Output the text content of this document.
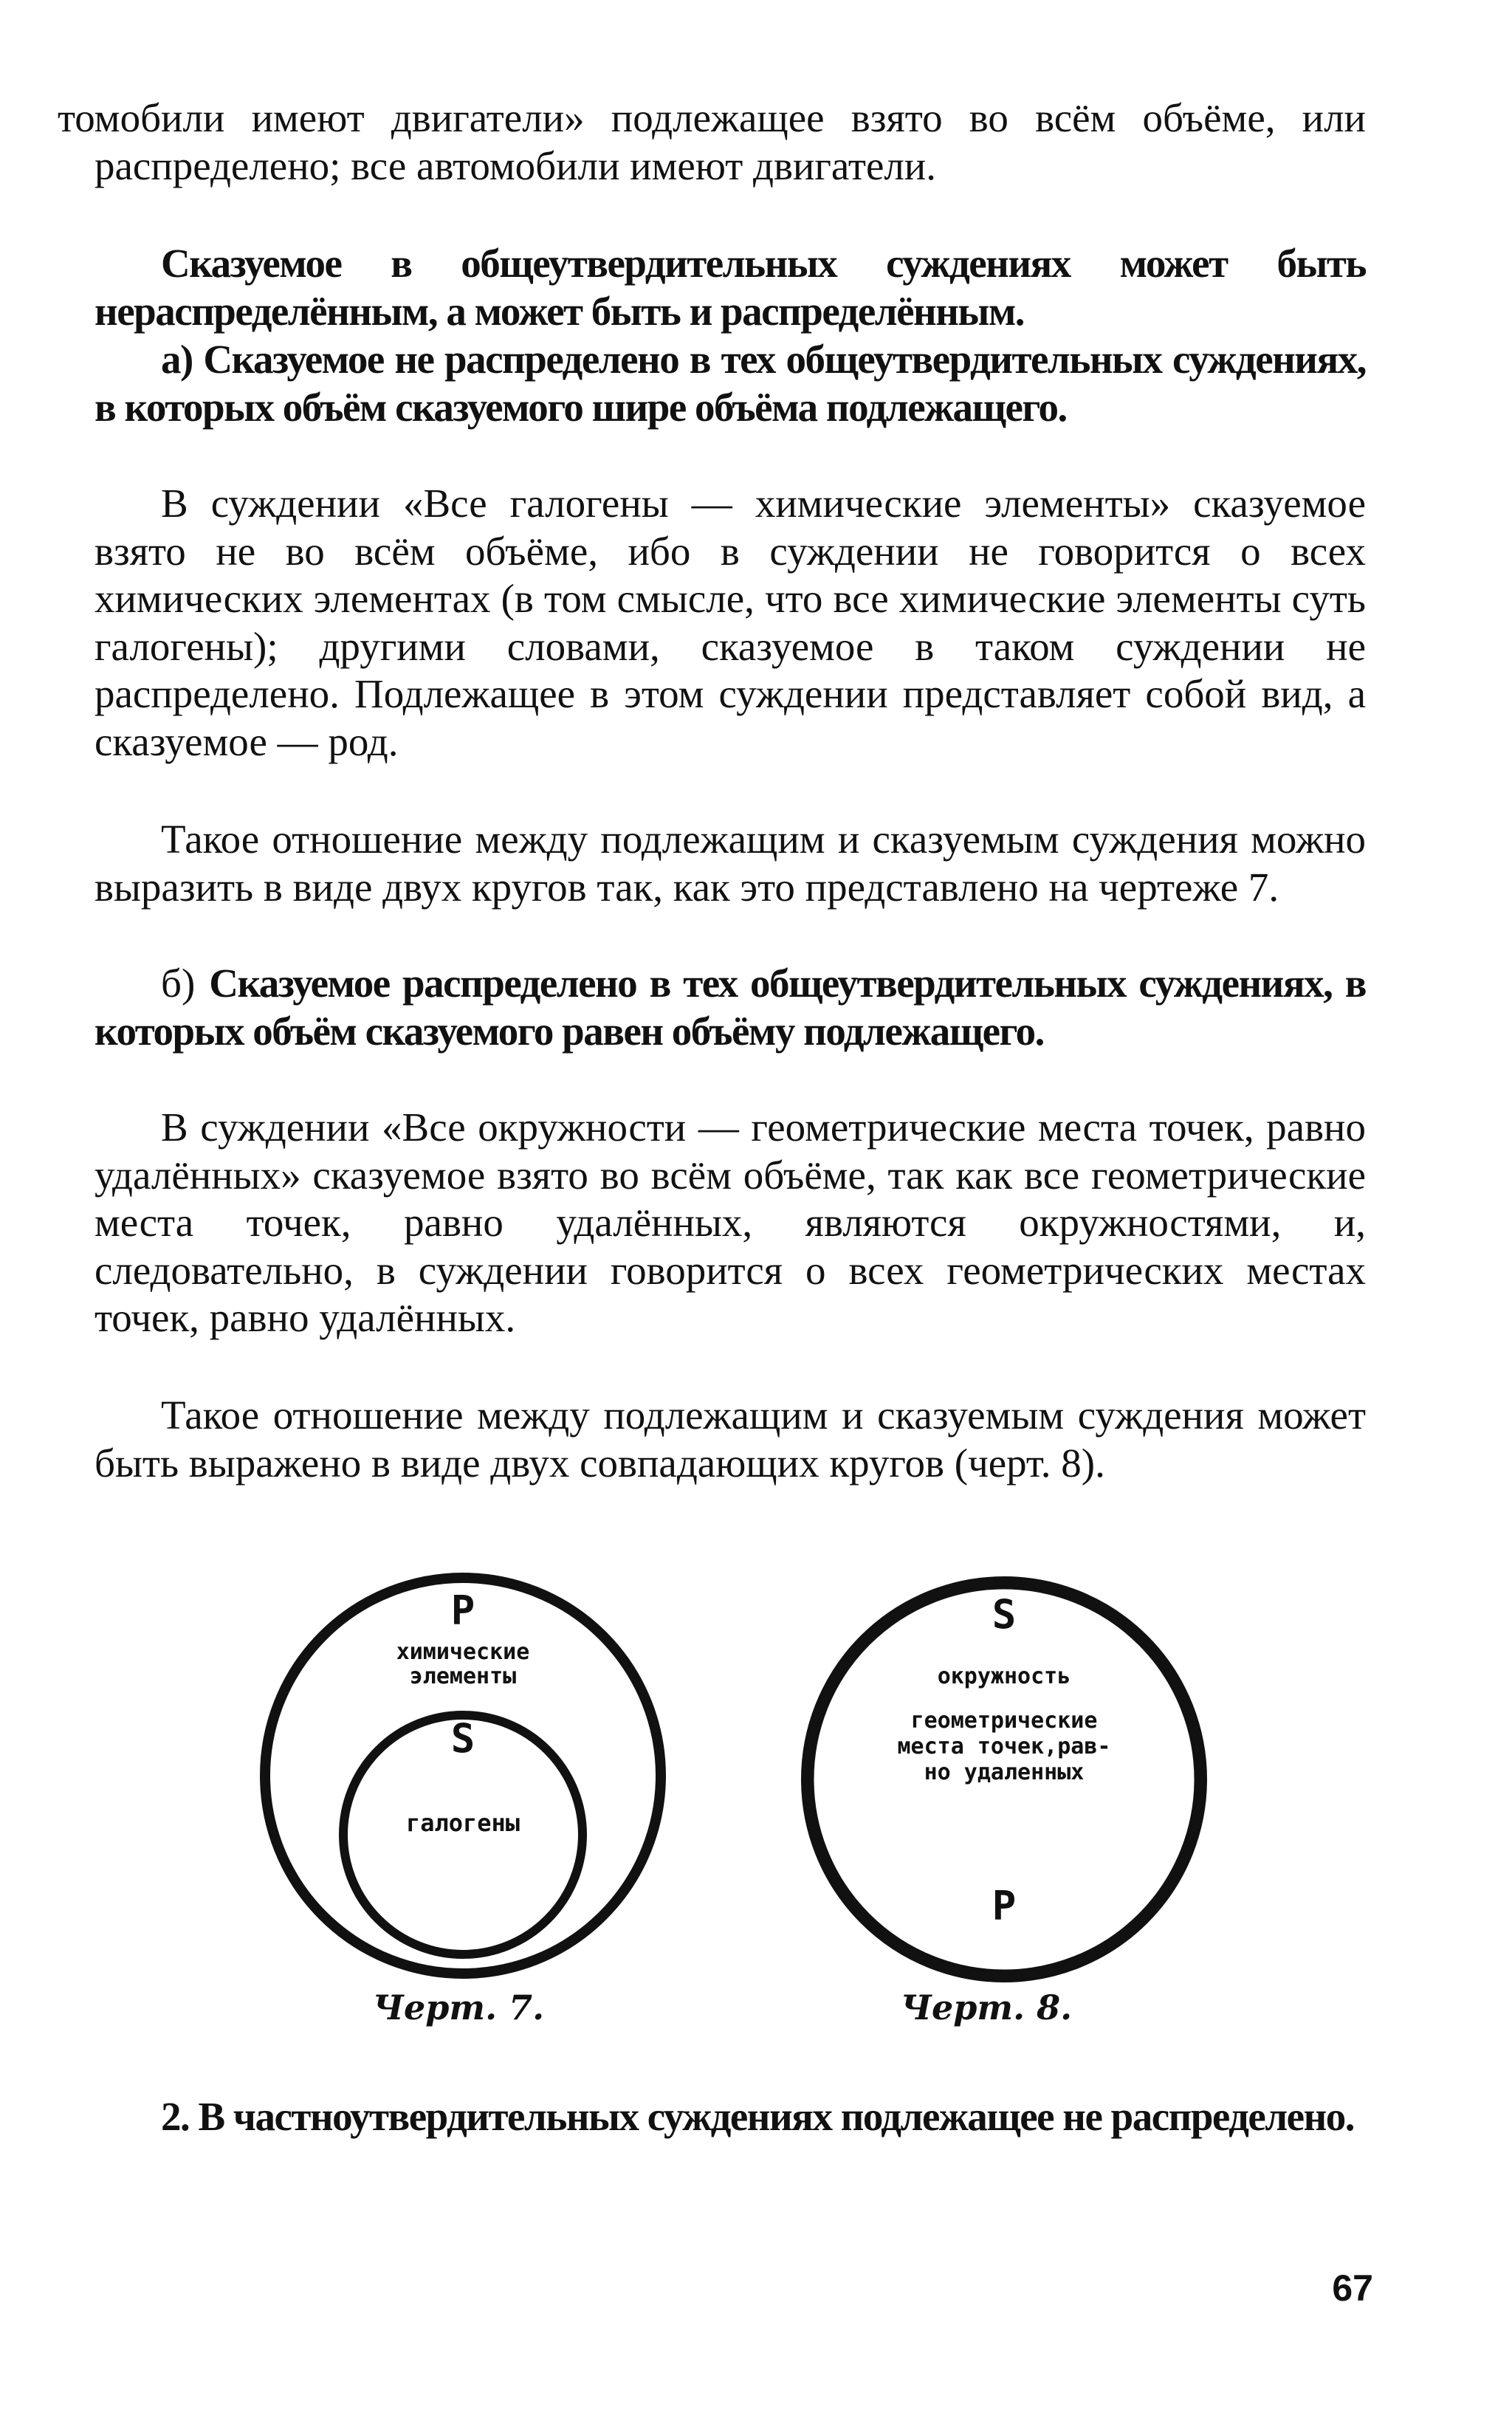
томобили имеют двигатели» подлежащее взято во всём объёме, или распределено; все автомобили имеют двигатели.

Сказуемое в общеутвердительных суждениях может быть нераспределённым, а может быть и распределённым.

а) Сказуемое не распределено в тех общеутвердительных суждениях, в которых объём сказуемого шире объёма подлежащего.

В суждении «Все галогены — химические элементы» сказуемое взято не во всём объёме, ибо в суждении не говорится о всех химических элементах (в том смысле, что все химические элементы суть галогены); другими словами, сказуемое в таком суждении не распределено. Подлежащее в этом суждении представляет собой вид, а сказуемое — род.

Такое отношение между подлежащим и сказуемым суждения можно выразить в виде двух кругов так, как это представлено на чертеже 7.

б) Сказуемое распределено в тех общеутвердительных суждениях, в которых объём сказуемого равен объёму подлежащего.

В суждении «Все окружности — геометрические места точек, равно удалённых» сказуемое взято во всём объёме, так как все геометрические места точек, равно удалённых, являются окружностями, и, следовательно, в суждении говорится о всех геометрических местах точек, равно удалённых.

Такое отношение между подлежащим и сказуемым суждения может быть выражено в виде двух совпадающих кругов (черт. 8).

P
химические
элементы
S
галогены
S
окружность
геометрические
места точек,рав-
но удаленных
P
Черт. 7.	Черт. 8.

2. В частноутвердительных суждениях подлежащее не распределено.

67
